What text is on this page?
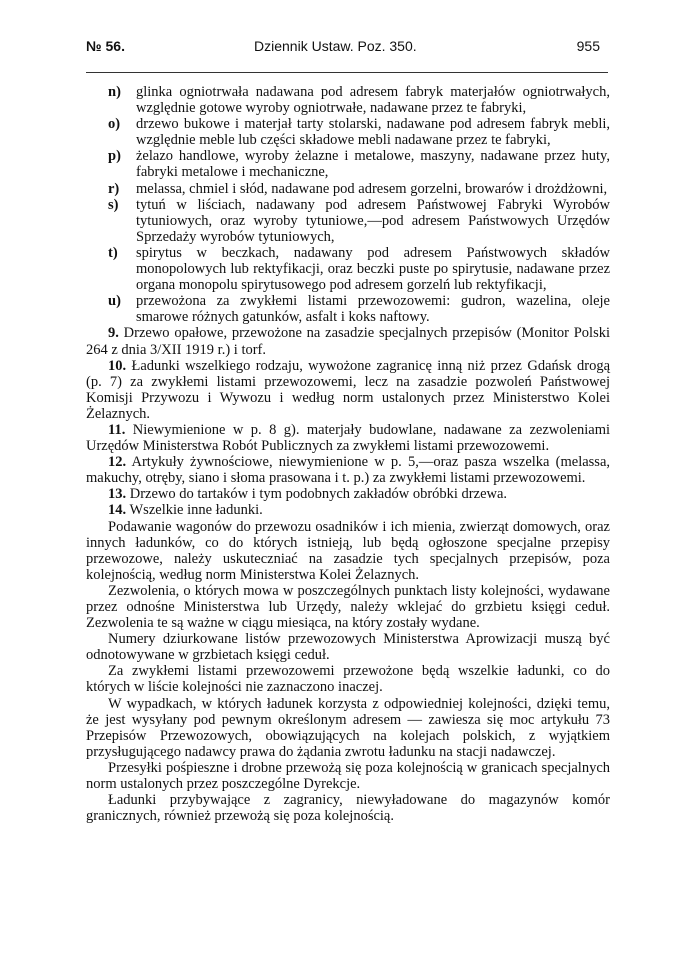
№ 56.	Dziennik Ustaw. Poz. 350.	955
n) glinka ogniotrwała nadawana pod adresem fabryk materjałów ogniotrwałych, względnie gotowe wyroby ogniotrwałe, nadawane przez te fabryki,
o) drzewo bukowe i materjał tarty stolarski, nadawane pod adresem fabryk mebli, względnie meble lub części składowe mebli nadawane przez te fabryki,
p) żelazo handlowe, wyroby żelazne i metalowe, maszyny, nadawane przez huty, fabryki metalowe i mechaniczne,
r) melassa, chmiel i słód, nadawane pod adresem gorzelni, browarów i drożdżowni,
s) tytuń w liściach, nadawany pod adresem Państwowej Fabryki Wyrobów tytuniowych, oraz wyroby tytuniowe,—pod adresem Państwowych Urzędów Sprzedaży wyrobów tytuniowych,
t) spirytus w beczkach, nadawany pod adresem Państwowych składów monopolowych lub rektyfikacji, oraz beczki puste po spirytusie, nadawane przez organa monopolu spirytusowego pod adresem gorzelń lub rektyfikacji,
u) przewożona za zwykłemi listami przewozowemi: gudron, wazelina, oleje smarowe różnych gatunków, asfalt i koks naftowy.

9. Drzewo opałowe, przewożone na zasadzie specjalnych przepisów (Monitor Polski 264 z dnia 3/XII 1919 r.) i torf.

10. Ładunki wszelkiego rodzaju, wywożone zagranicę inną niż przez Gdańsk drogą (p. 7) za zwykłemi listami przewozowemi, lecz na zasadzie pozwoleń Państwowej Komisji Przywozu i Wywozu i według norm ustalonych przez Ministerstwo Kolei Żelaznych.

11. Niewymienione w p. 8 g). materjały budowlane, nadawane za zezwoleniami Urzędów Ministerstwa Robót Publicznych za zwykłemi listami przewozowemi.

12. Artykuły żywnościowe, niewymienione w p. 5,—oraz pasza wszelka (melassa, makuchy, otręby, siano i słoma prasowana i t. p.) za zwykłemi listami przewozowemi.

13. Drzewo do tartaków i tym podobnych zakładów obróbki drzewa.

14. Wszelkie inne ładunki.

Podawanie wagonów do przewozu osadników i ich mienia, zwierząt domowych, oraz innych ładunków, co do których istnieją, lub będą ogłoszone specjalne przepisy przewozowe, należy uskuteczniać na zasadzie tych specjalnych przepisów, poza kolejnością, według norm Ministerstwa Kolei Żelaznych.

Zezwolenia, o których mowa w poszczególnych punktach listy kolejności, wydawane przez odnośne Ministerstwa lub Urzędy, należy wklejać do grzbietu księgi ceduł. Zezwolenia te są ważne w ciągu miesiąca, na który zostały wydane.

Numery dziurkowane listów przewozowych Ministerstwa Aprowizacji muszą być odnotowywane w grzbietach księgi ceduł.

Za zwykłemi listami przewozowemi przewożone będą wszelkie ładunki, co do których w liście kolejności nie zaznaczono inaczej.

W wypadkach, w których ładunek korzysta z odpowiedniej kolejności, dzięki temu, że jest wysyłany pod pewnym określonym adresem — zawiesza się moc artykułu 73 Przepisów Przewozowych, obowiązujących na kolejach polskich, z wyjątkiem przysługującego nadawcy prawa do żądania zwrotu ładunku na stacji nadawczej.

Przesyłki pośpieszne i drobne przewożą się poza kolejnością w granicach specjalnych norm ustalonych przez poszczególne Dyrekcje.

Ładunki przybywające z zagranicy, niewyładowane do magazynów komór granicznych, również przewożą się poza kolejnością.
